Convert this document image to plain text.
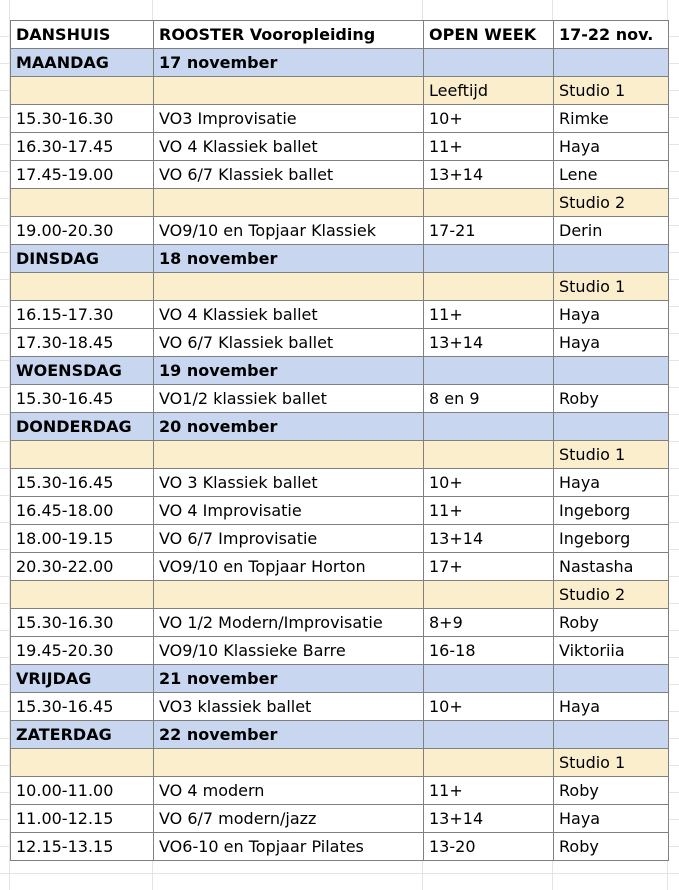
DANSHUIS	ROOSTER Vooropleiding	OPEN WEEK	17-22 nov.
MAANDAG	17 november		
		Leeftijd	Studio 1
15.30-16.30	VO3 Improvisatie	10+	Rimke
16.30-17.45	VO 4 Klassiek ballet	11+	Haya
17.45-19.00	VO 6/7 Klassiek ballet	13+14	Lene
			Studio 2
19.00-20.30	VO9/10 en Topjaar Klassiek	17-21	Derin
DINSDAG	18 november		
			Studio 1
16.15-17.30	VO 4 Klassiek ballet	11+	Haya
17.30-18.45	VO 6/7 Klassiek ballet	13+14	Haya
WOENSDAG	19 november		
15.30-16.45	VO1/2 klassiek ballet	8 en 9	Roby
DONDERDAG	20 november		
			Studio 1
15.30-16.45	VO 3 Klassiek ballet	10+	Haya
16.45-18.00	VO 4 Improvisatie	11+	Ingeborg
18.00-19.15	VO 6/7 Improvisatie	13+14	Ingeborg
20.30-22.00	VO9/10 en Topjaar Horton	17+	Nastasha
			Studio 2
15.30-16.30	VO 1/2 Modern/Improvisatie	8+9	Roby
19.45-20.30	VO9/10 Klassieke Barre	16-18	Viktoriia
VRIJDAG	21 november		
15.30-16.45	VO3 klassiek ballet	10+	Haya
ZATERDAG	22 november		
			Studio 1
10.00-11.00	VO 4 modern	11+	Roby
11.00-12.15	VO 6/7 modern/jazz	13+14	Haya
12.15-13.15	VO6-10 en Topjaar Pilates	13-20	Roby
